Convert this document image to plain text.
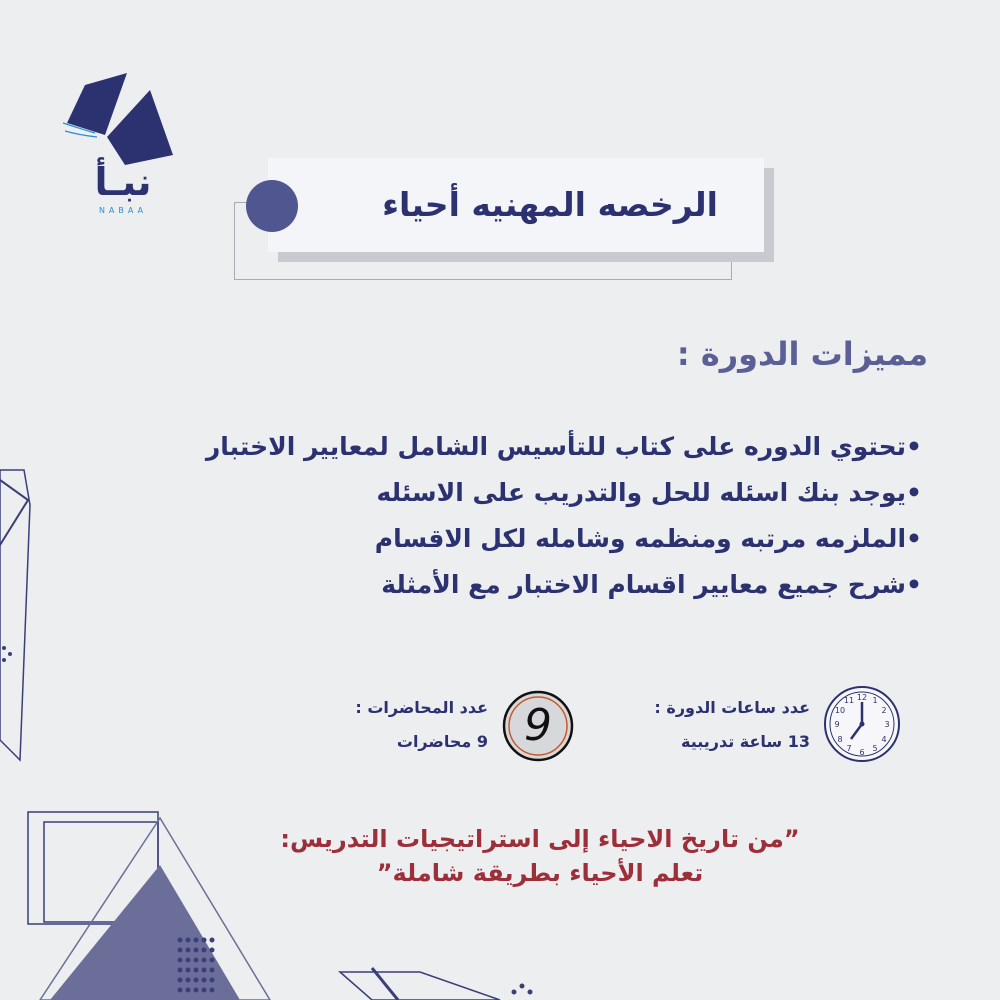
نبـأ
NABAA	الرخصه المهنيه أحياء
مميزات الدورة :
•تحتوي الدوره على كتاب للتأسيس الشامل لمعايير الاختبار
•يوجد بنك اسئله للحل والتدريب على الاسئله
•الملزمه مرتبه ومنظمه وشامله لكل الاقسام
•شرح جميع معايير اقسام الاختبار مع الأمثلة
12
3
6
9
1
2
4
5
7
8
10
11
عدد ساعات الدورة :
13 ساعة تدريبية
9
عدد المحاضرات :
9 محاضرات
”من تاريخ الاحياء إلى استراتيجيات التدريس:
تعلم الأحياء بطريقة شاملة”
